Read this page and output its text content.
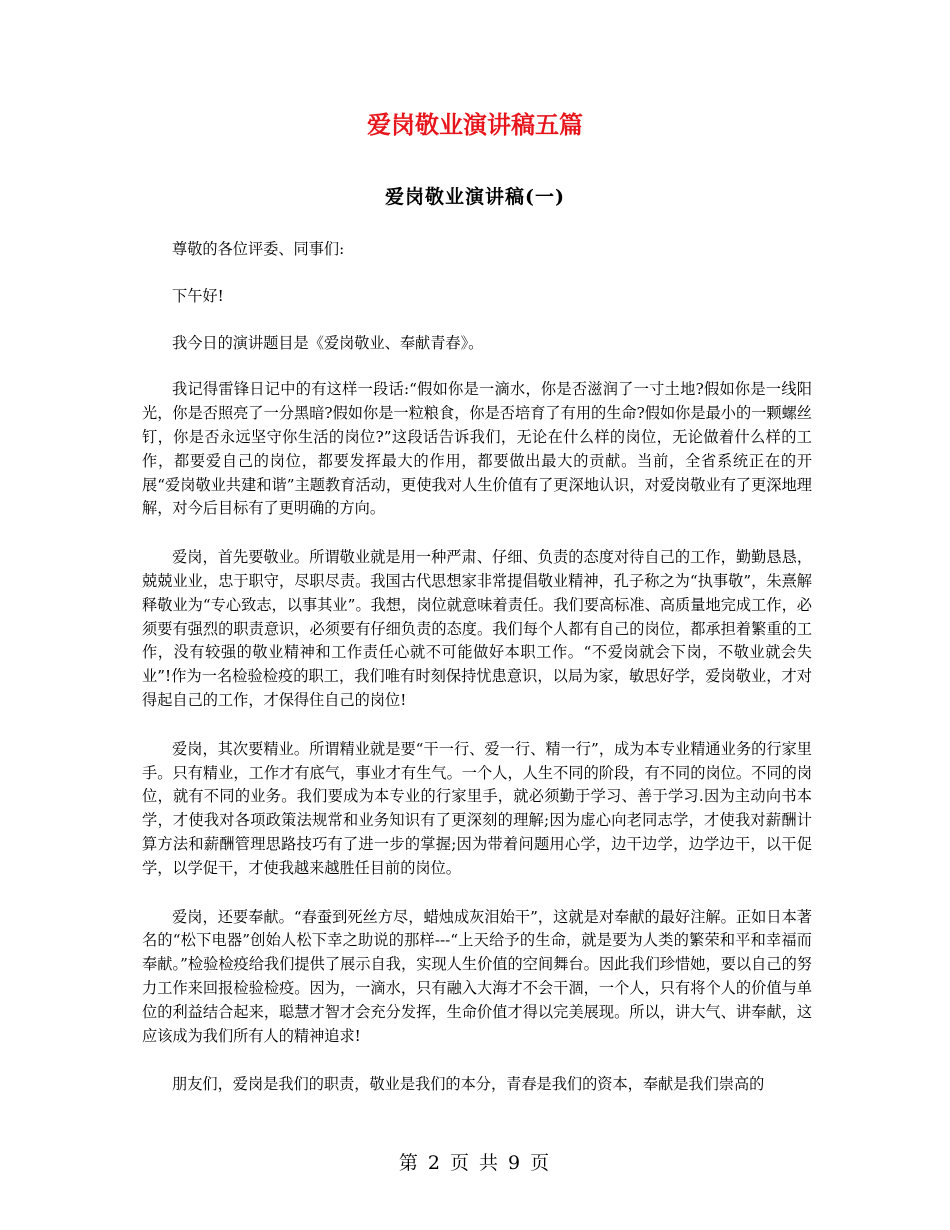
爱岗敬业演讲稿五篇
爱岗敬业演讲稿(一)

尊敬的各位评委、同事们:

下午好!

我今日的演讲题目是《爱岗敬业、奉献青春》。

我记得雷锋日记中的有这样一段话:“假如你是一滴水，你是否滋润了一寸土地?假如你是一线阳光，你是否照亮了一分黑暗?假如你是一粒粮食，你是否培育了有用的生命?假如你是最小的一颗螺丝钉，你是否永远坚守你生活的岗位?”这段话告诉我们，无论在什么样的岗位，无论做着什么样的工作，都要爱自己的岗位，都要发挥最大的作用，都要做出最大的贡献。当前，全省系统正在的开展“爱岗敬业共建和谐”主题教育活动，更使我对人生价值有了更深地认识，对爱岗敬业有了更深地理解，对今后目标有了更明确的方向。

爱岗，首先要敬业。所谓敬业就是用一种严肃、仔细、负责的态度对待自己的工作，勤勤恳恳，兢兢业业，忠于职守，尽职尽责。我国古代思想家非常提倡敬业精神，孔子称之为“执事敬”，朱熹解释敬业为“专心致志，以事其业”。我想，岗位就意味着责任。我们要高标准、高质量地完成工作，必须要有强烈的职责意识，必须要有仔细负责的态度。我们每个人都有自己的岗位，都承担着繁重的工作，没有较强的敬业精神和工作责任心就不可能做好本职工作。“不爱岗就会下岗，不敬业就会失业”!作为一名检验检疫的职工，我们唯有时刻保持忧患意识，以局为家，敏思好学，爱岗敬业，才对得起自己的工作，才保得住自己的岗位!

爱岗，其次要精业。所谓精业就是要“干一行、爱一行、精一行”，成为本专业精通业务的行家里手。只有精业，工作才有底气，事业才有生气。一个人，人生不同的阶段，有不同的岗位。不同的岗位，就有不同的业务。我们要成为本专业的行家里手，就必须勤于学习、善于学习.因为主动向书本学，才使我对各项政策法规常和业务知识有了更深刻的理解;因为虚心向老同志学，才使我对薪酬计算方法和薪酬管理思路技巧有了进一步的掌握;因为带着问题用心学，边干边学，边学边干，以干促学，以学促干，才使我越来越胜任目前的岗位。

爱岗，还要奉献。“春蚕到死丝方尽，蜡烛成灰泪始干”，这就是对奉献的最好注解。正如日本著名的“松下电器”创始人松下幸之助说的那样---“上天给予的生命，就是要为人类的繁荣和平和幸福而奉献。”检验检疫给我们提供了展示自我，实现人生价值的空间舞台。因此我们珍惜她，要以自己的努力工作来回报检验检疫。因为，一滴水，只有融入大海才不会干涸，一个人，只有将个人的价值与单位的利益结合起来，聪慧才智才会充分发挥，生命价值才得以完美展现。所以，讲大气、讲奉献，这应该成为我们所有人的精神追求!

朋友们，爱岗是我们的职责，敬业是我们的本分，青春是我们的资本，奉献是我们崇高的

第 2 页 共 9 页
